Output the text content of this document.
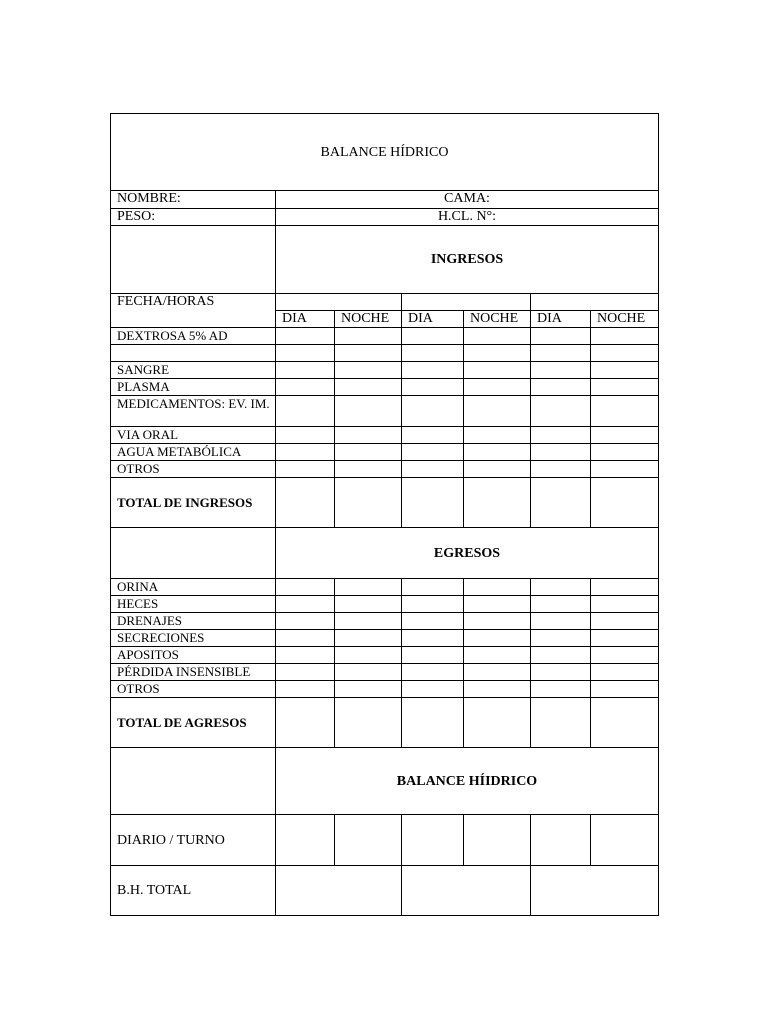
BALANCE HÍDRICO						
NOMBRE:	CAMA:					
PESO:	H.CL. N°:					
	INGRESOS					
FECHA/HORAS						
	DIA	NOCHE	DIA	NOCHE	DIA	NOCHE
DEXTROSA 5% AD						

SANGRE						
PLASMA						
MEDICAMENTOS: EV. IM.						
VIA ORAL						
AGUA METABÓLICA						
OTROS						
TOTAL DE INGRESOS						
	EGRESOS					
ORINA						
HECES						
DRENAJES						
SECRECIONES						
APOSITOS						
PÉRDIDA INSENSIBLE						
OTROS						
TOTAL DE AGRESOS						
	BALANCE HÍIDRICO					
DIARIO / TURNO						
B.H. TOTAL						
